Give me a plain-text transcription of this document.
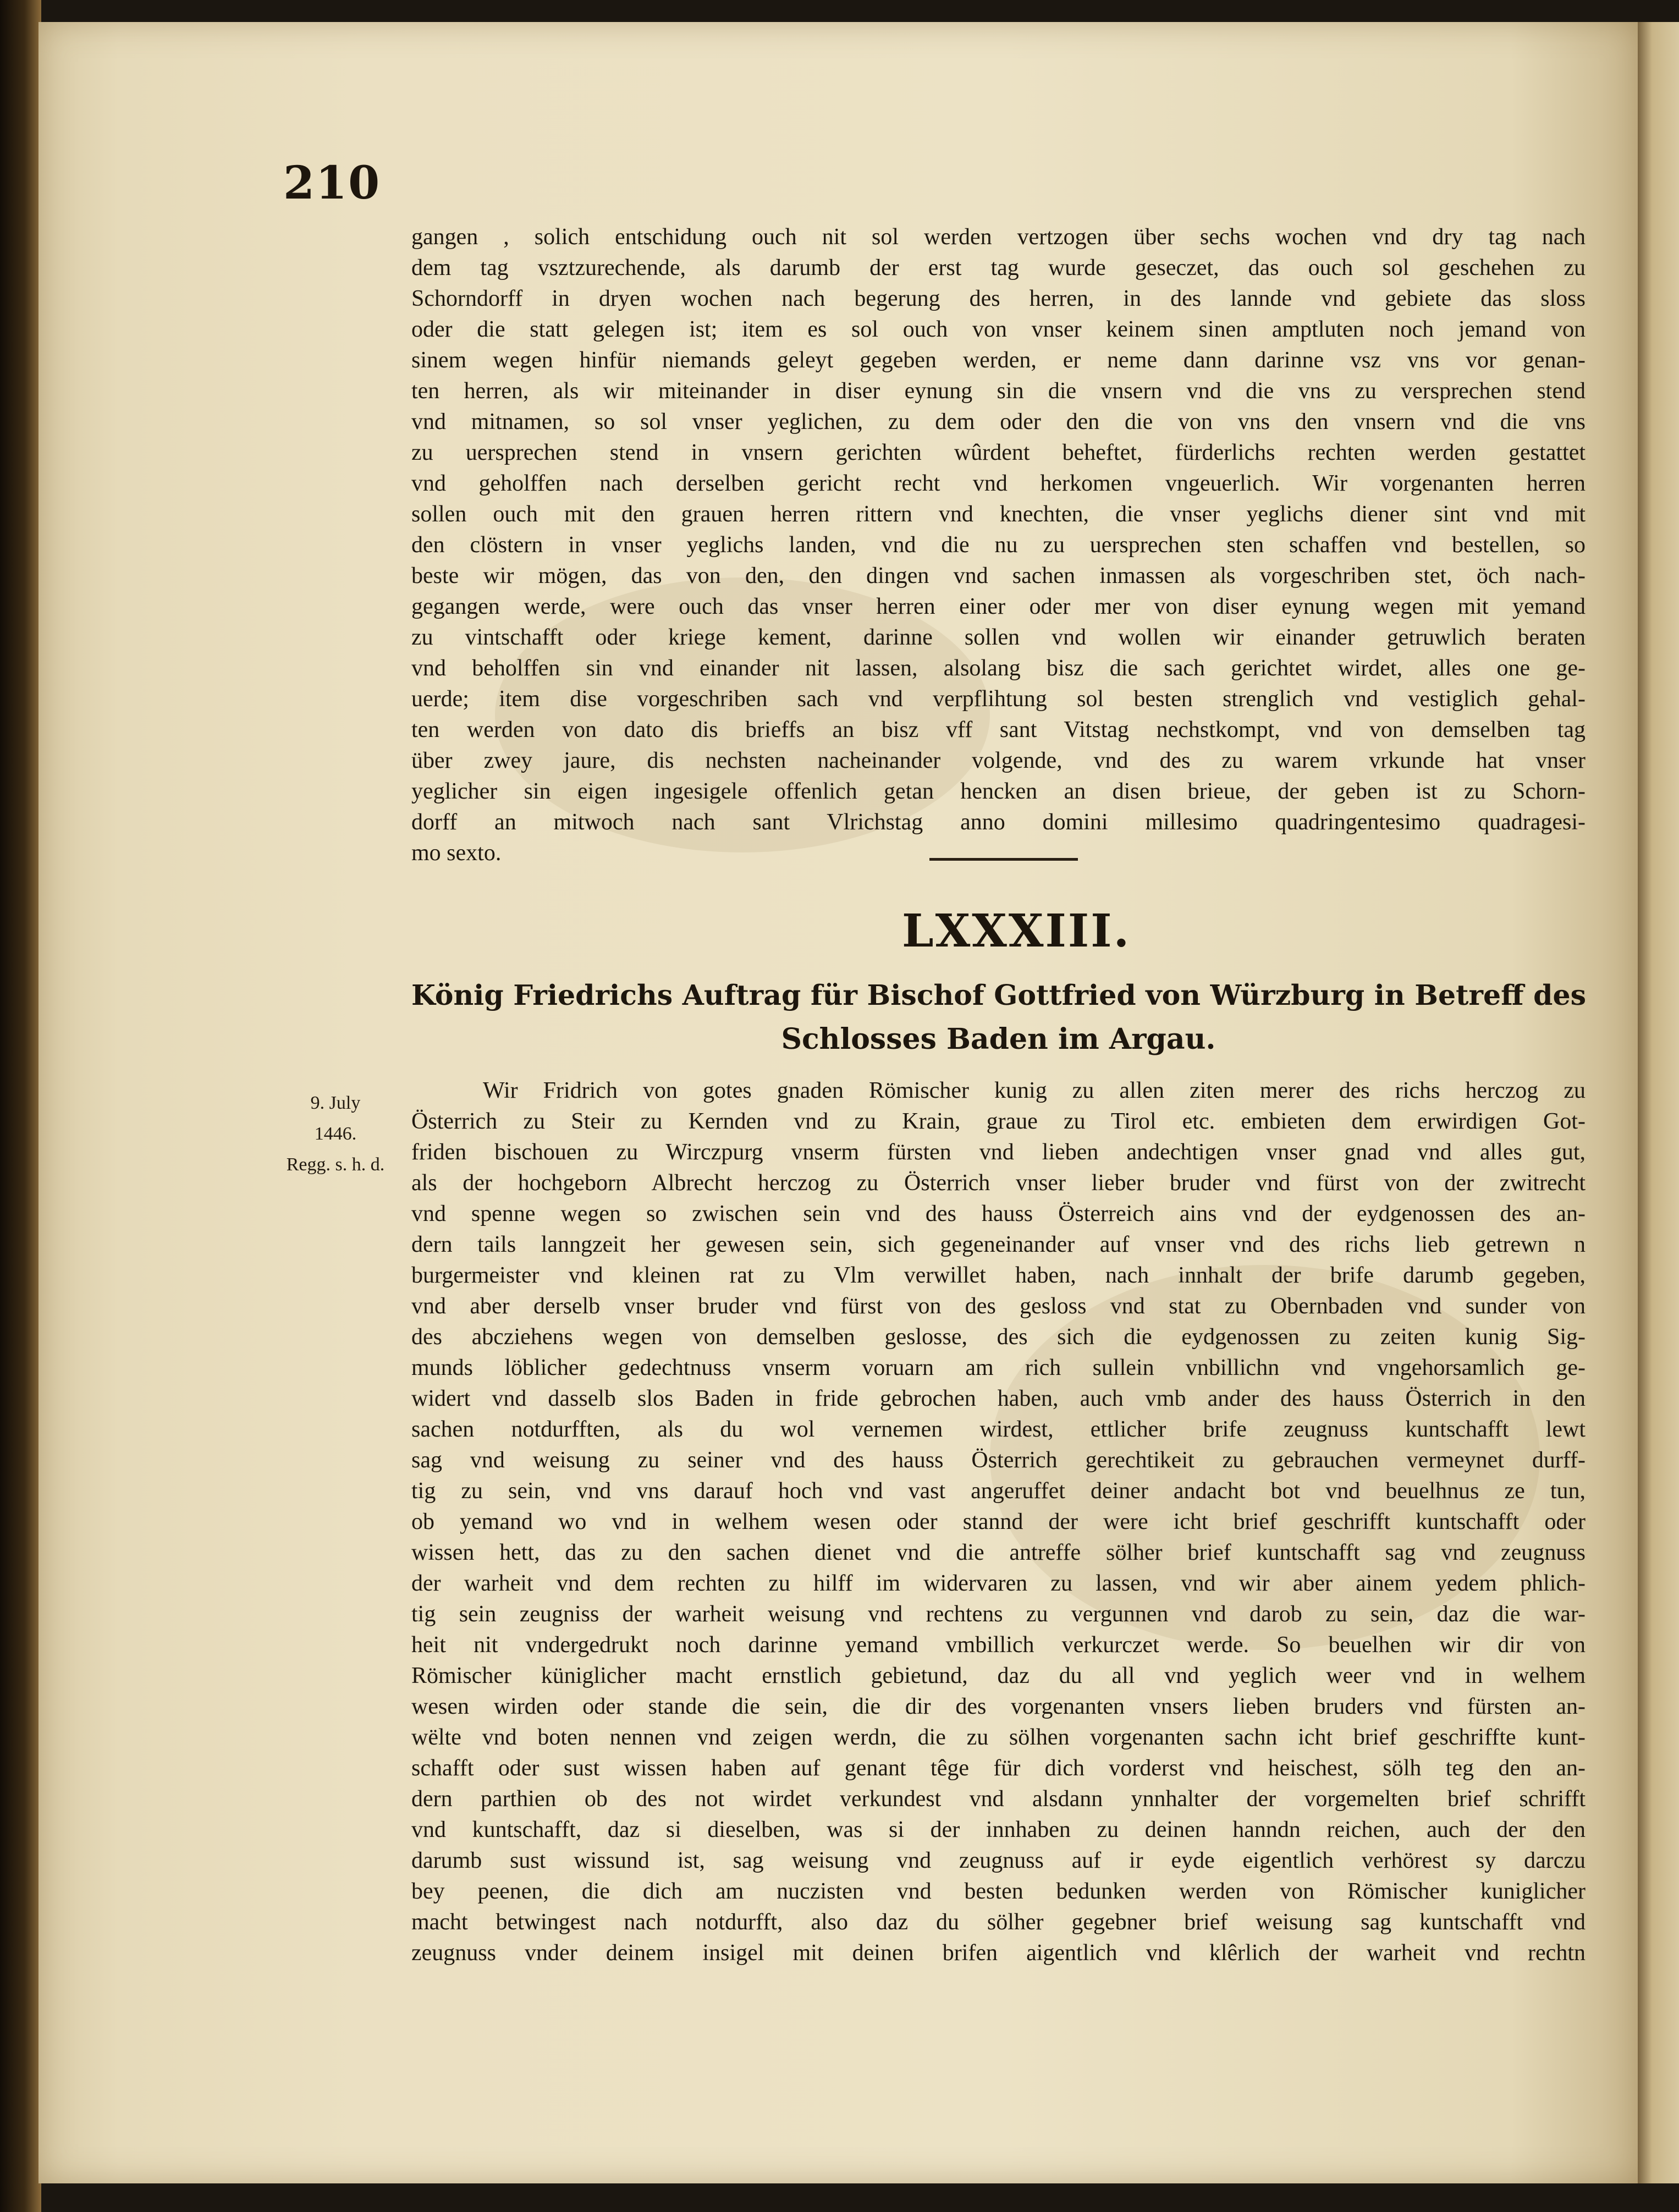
210
gangen , solich entschidung ouch nit sol werden vertzogen über sechs wochen vnd dry tag nach
dem tag vsztzurechende, als darumb der erst tag wurde geseczet, das ouch sol geschehen zu
Schorndorff in dryen wochen nach begerung des herren, in des lannde vnd gebiete das sloss
oder die statt gelegen ist; item es sol ouch von vnser keinem sinen amptluten noch jemand von
sinem wegen hinfür niemands geleyt gegeben werden, er neme dann darinne vsz vns vor genan-
ten herren, als wir miteinander in diser eynung sin die vnsern vnd die vns zu versprechen stend
vnd mitnamen, so sol vnser yeglichen, zu dem oder den die von vns den vnsern vnd die vns
zu uersprechen stend in vnsern gerichten wûrdent beheftet, fürderlichs rechten werden gestattet
vnd geholffen nach derselben gericht recht vnd herkomen vngeuerlich. Wir vorgenanten herren
sollen ouch mit den grauen herren rittern vnd knechten, die vnser yeglichs diener sint vnd mit
den clöstern in vnser yeglichs landen, vnd die nu zu uersprechen sten schaffen vnd bestellen, so
beste wir mögen, das von den, den dingen vnd sachen inmassen als vorgeschriben stet, öch nach-
gegangen werde, were ouch das vnser herren einer oder mer von diser eynung wegen mit yemand
zu vintschafft oder kriege kement, darinne sollen vnd wollen wir einander getruwlich beraten
vnd beholffen sin vnd einander nit lassen, alsolang bisz die sach gerichtet wirdet, alles one ge-
uerde; item dise vorgeschriben sach vnd verpflihtung sol besten strenglich vnd vestiglich gehal-
ten werden von dato dis brieffs an bisz vff sant Vitstag nechstkompt, vnd von demselben tag
über zwey jaure, dis nechsten nacheinander volgende, vnd des zu warem vrkunde hat vnser
yeglicher sin eigen ingesigele offenlich getan hencken an disen brieue, der geben ist zu Schorn-
dorff an mitwoch nach sant Vlrichstag anno domini millesimo quadringentesimo quadragesi-
mo sexto.
LXXXIII.
König Friedrichs Auftrag für Bischof Gottfried von Würzburg in Betreff des
Schlosses Baden im Argau.
9. July
1446.
Regg. s. h. d.
Wir Fridrich von gotes gnaden Römischer kunig zu allen ziten merer des richs herczog zu
Österrich zu Steir zu Kernden vnd zu Krain, graue zu Tirol etc. embieten dem erwirdigen Got-
friden bischouen zu Wirczpurg vnserm fürsten vnd lieben andechtigen vnser gnad vnd alles gut,
als der hochgeborn Albrecht herczog zu Österrich vnser lieber bruder vnd fürst von der zwitrecht
vnd spenne wegen so zwischen sein vnd des hauss Österreich ains vnd der eydgenossen des an-
dern tails lanngzeit her gewesen sein, sich gegeneinander auf vnser vnd des richs lieb getrewn n
burgermeister vnd kleinen rat zu Vlm verwillet haben, nach innhalt der brife darumb gegeben,
vnd aber derselb vnser bruder vnd fürst von des gesloss vnd stat zu Obernbaden vnd sunder von
des abcziehens wegen von demselben geslosse, des sich die eydgenossen zu zeiten kunig Sig-
munds löblicher gedechtnuss vnserm voruarn am rich sullein vnbillichn vnd vngehorsamlich ge-
widert vnd dasselb slos Baden in fride gebrochen haben, auch vmb ander des hauss Österrich in den
sachen notdurfften, als du wol vernemen wirdest, ettlicher brife zeugnuss kuntschafft lewt
sag vnd weisung zu seiner vnd des hauss Österrich gerechtikeit zu gebrauchen vermeynet durff-
tig zu sein, vnd vns darauf hoch vnd vast angeruffet deiner andacht bot vnd beuelhnus ze tun,
ob yemand wo vnd in welhem wesen oder stannd der were icht brief geschrifft kuntschafft oder
wissen hett, das zu den sachen dienet vnd die antreffe sölher brief kuntschafft sag vnd zeugnuss
der warheit vnd dem rechten zu hilff im widervaren zu lassen, vnd wir aber ainem yedem phlich-
tig sein zeugniss der warheit weisung vnd rechtens zu vergunnen vnd darob zu sein, daz die war-
heit nit vndergedrukt noch darinne yemand vmbillich verkurczet werde. So beuelhen wir dir von
Römischer küniglicher macht ernstlich gebietund, daz du all vnd yeglich weer vnd in welhem
wesen wirden oder stande die sein, die dir des vorgenanten vnsers lieben bruders vnd fürsten an-
wëlte vnd boten nennen vnd zeigen werdn, die zu sölhen vorgenanten sachn icht brief geschriffte kunt-
schafft oder sust wissen haben auf genant têge für dich vorderst vnd heischest, sölh teg den an-
dern parthien ob des not wirdet verkundest vnd alsdann ynnhalter der vorgemelten brief schrifft
vnd kuntschafft, daz si dieselben, was si der innhaben zu deinen hanndn reichen, auch der den
darumb sust wissund ist, sag weisung vnd zeugnuss auf ir eyde eigentlich verhörest sy darczu
bey peenen, die dich am nuczisten vnd besten bedunken werden von Römischer kuniglicher
macht betwingest nach notdurfft, also daz du sölher gegebner brief weisung sag kuntschafft vnd
zeugnuss vnder deinem insigel mit deinen brifen aigentlich vnd klêrlich der warheit vnd rechtn
